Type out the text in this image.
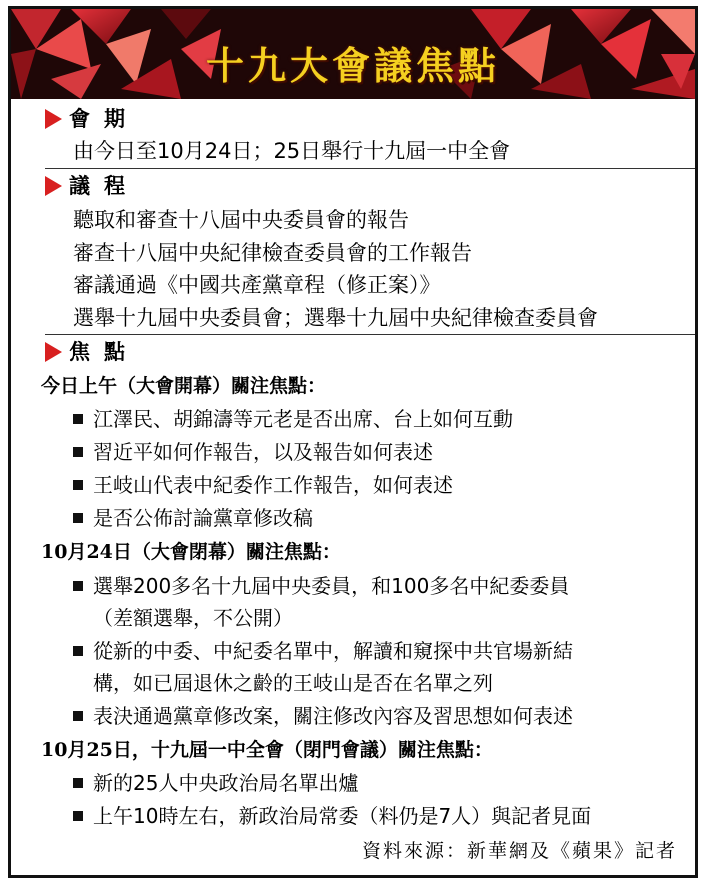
十九大會議焦點
會期
由今日至10月24日；25日舉行十九屆一中全會
議程
聽取和審查十八屆中央委員會的報告
審查十八屆中央紀律檢查委員會的工作報告
審議通過《中國共產黨章程（修正案）》
選舉十九屆中央委員會；選舉十九屆中央紀律檢查委員會
焦點
今日上午（大會開幕）關注焦點：
江澤民、胡錦濤等元老是否出席、台上如何互動
習近平如何作報告，以及報告如何表述
王岐山代表中紀委作工作報告，如何表述
是否公佈討論黨章修改稿
10月24日（大會閉幕）關注焦點：
選舉200多名十九屆中央委員，和100多名中紀委委員
（差額選舉，不公開）
從新的中委、中紀委名單中，解讀和窺探中共官場新結
構，如已屆退休之齡的王岐山是否在名單之列
表決通過黨章修改案，關注修改內容及習思想如何表述
10月25日，十九屆一中全會（閉門會議）關注焦點：
新的25人中央政治局名單出爐
上午10時左右，新政治局常委（料仍是7人）與記者見面
資料來源：新華網及《蘋果》記者
